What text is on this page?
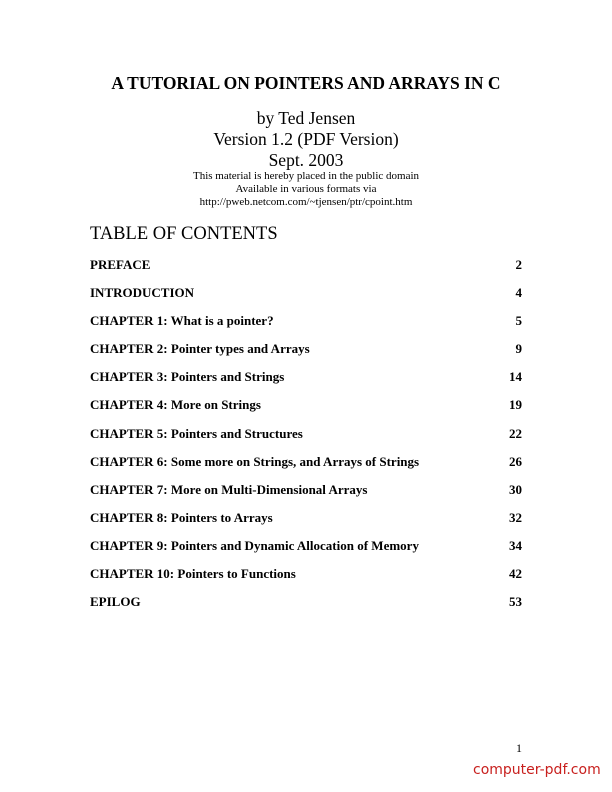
A TUTORIAL ON POINTERS AND ARRAYS IN C
by Ted Jensen
Version 1.2 (PDF Version)
Sept. 2003
This material is hereby placed in the public domain
Available in various formats via
http://pweb.netcom.com/~tjensen/ptr/cpoint.htm
TABLE OF CONTENTS
PREFACE	2
INTRODUCTION	4
CHAPTER 1: What is a pointer?	5
CHAPTER 2: Pointer types and Arrays	9
CHAPTER 3: Pointers and Strings	14
CHAPTER 4: More on Strings	19
CHAPTER 5: Pointers and Structures	22
CHAPTER 6: Some more on Strings, and Arrays of Strings	26
CHAPTER 7: More on Multi-Dimensional Arrays	30
CHAPTER 8: Pointers to Arrays	32
CHAPTER 9: Pointers and Dynamic Allocation of Memory	34
CHAPTER 10: Pointers to Functions	42
EPILOG	53
1
computer-pdf.com
